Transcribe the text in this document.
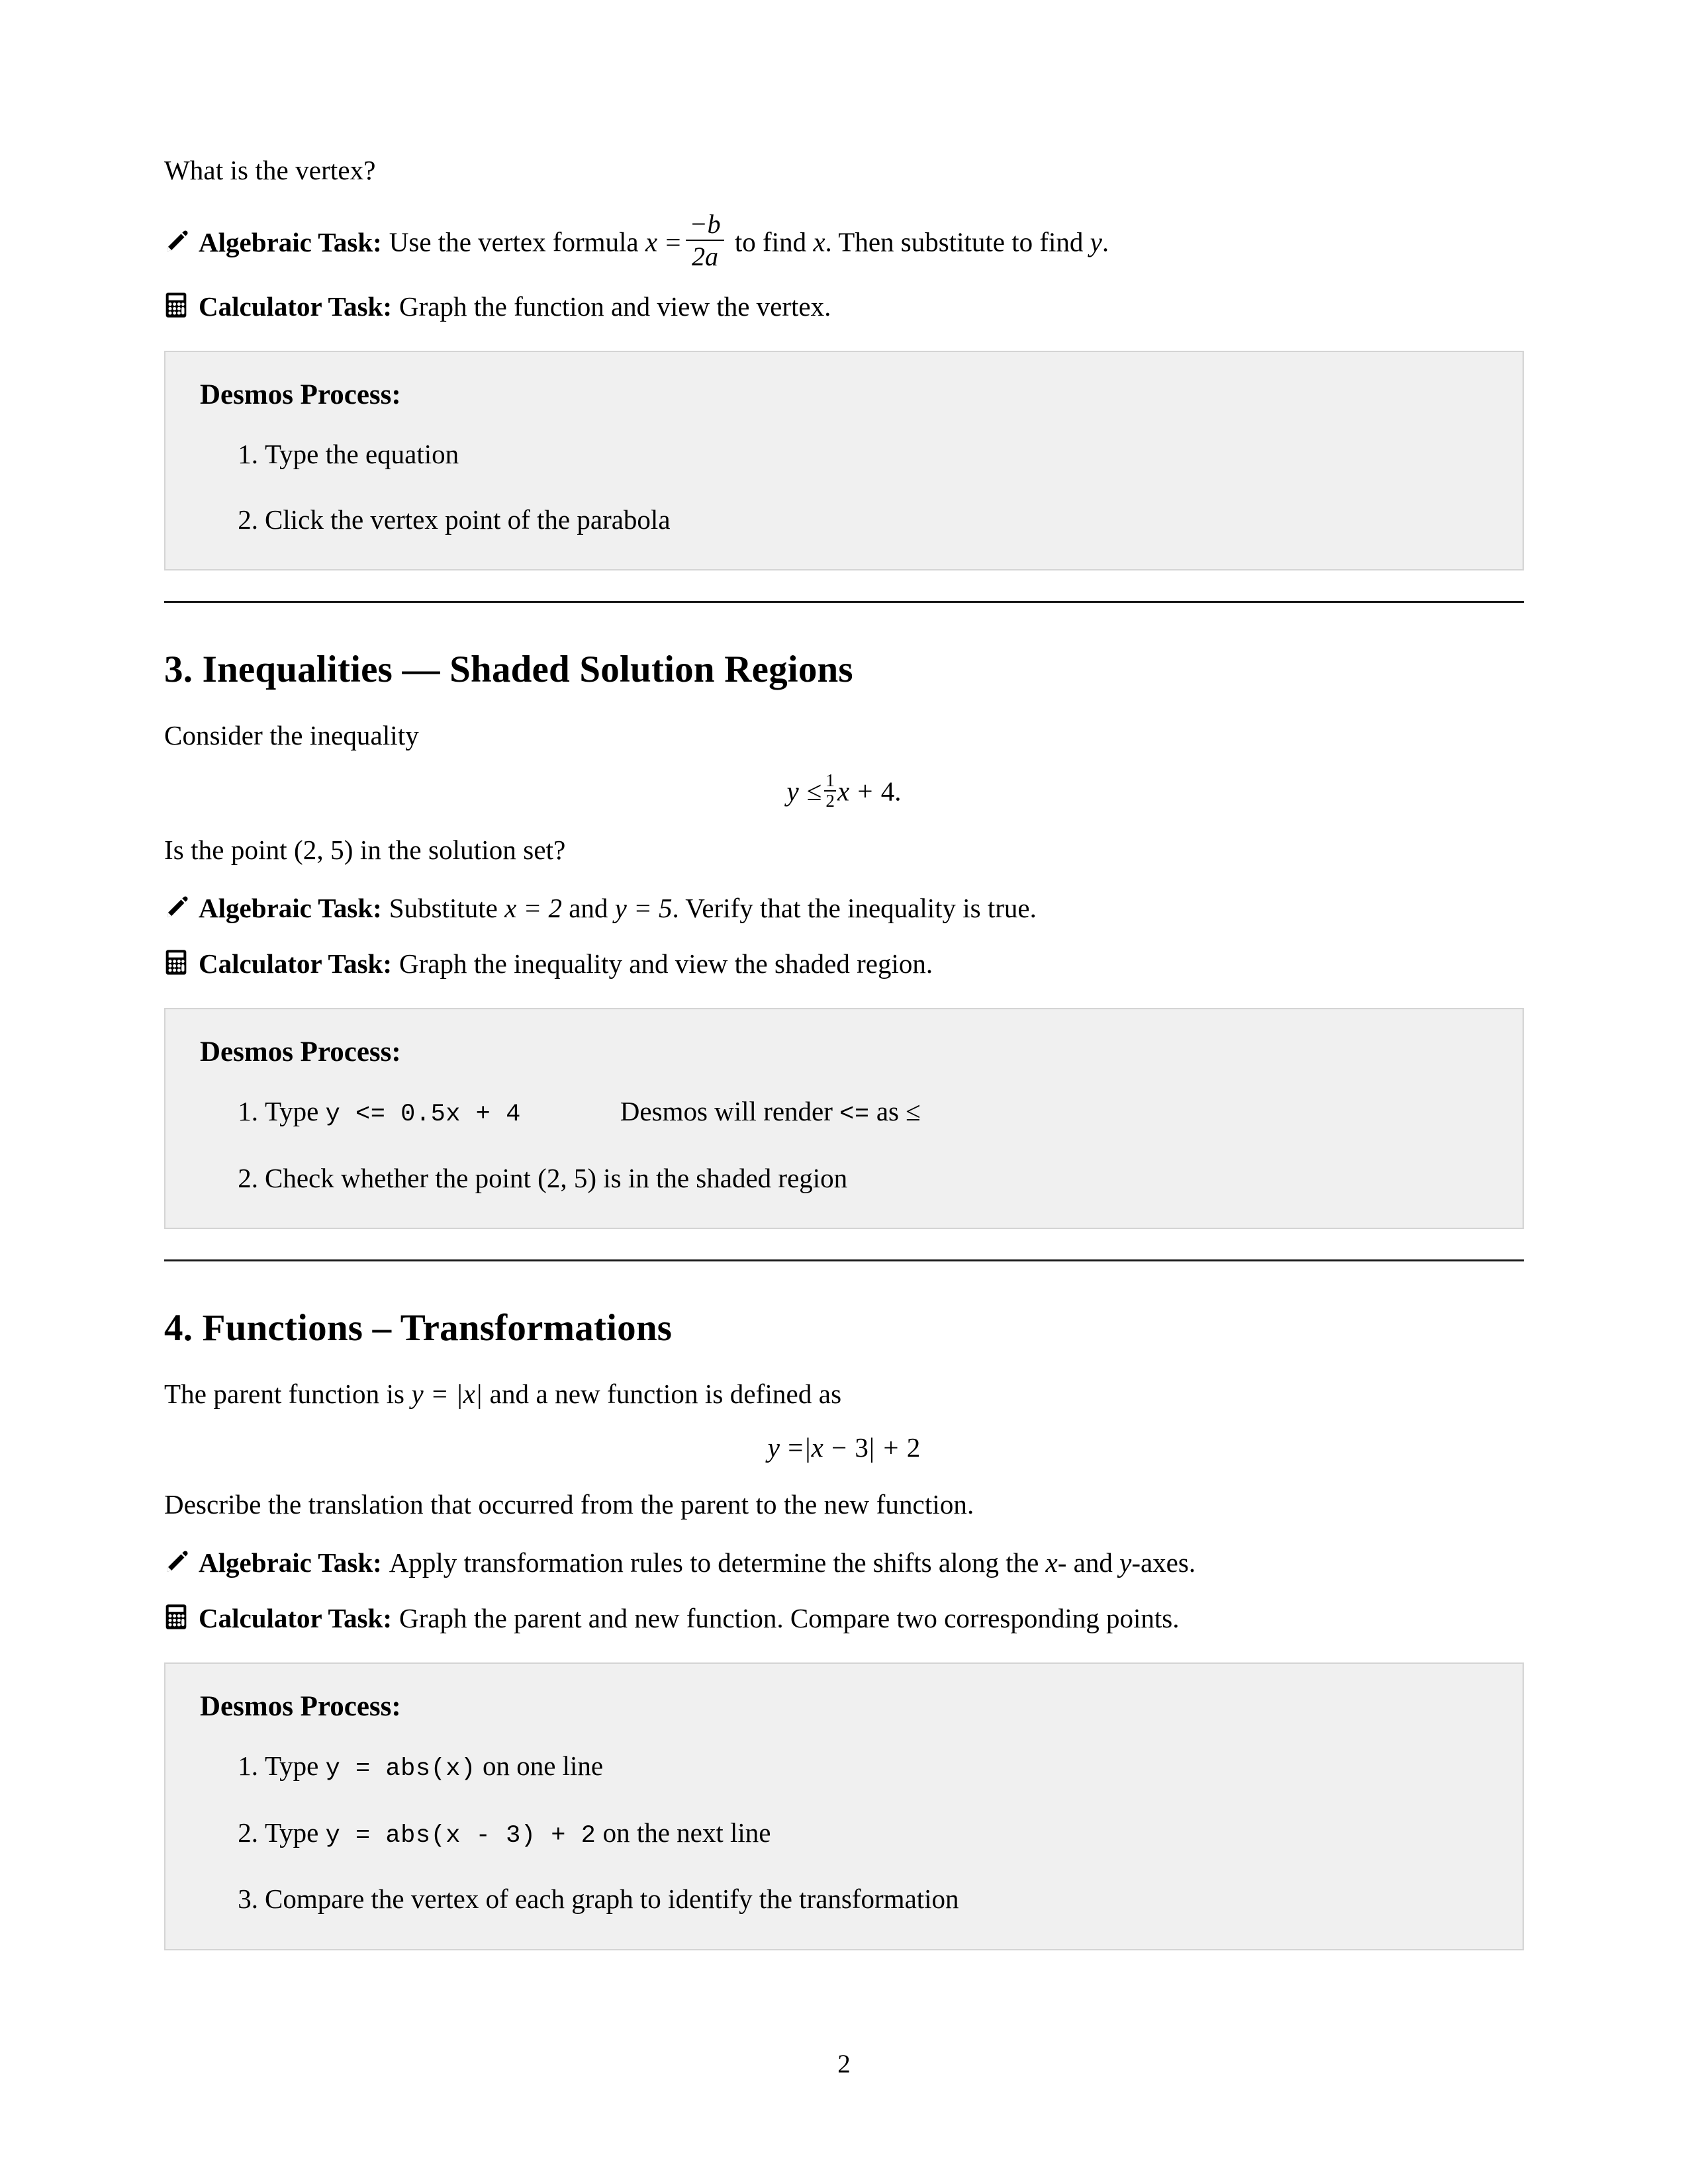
What is the vertex?

Algebraic Task: Use the vertex formula $x = \frac{-b}{2a}$ to find x. Then substitute to find y.
Calculator Task: Graph the function and view the vertex.
Desmos Process:
Type the equation
Click the vertex point of the parabola
3. Inequalities — Shaded Solution Regions

Consider the inequality

$y \le \frac{1}{2}$ x + 4.

Is the point (2, 5) in the solution set?

Algebraic Task: Substitute x = 2 and y = 5. Verify that the inequality is true.
Calculator Task: Graph the inequality and view the shaded region.
Desmos Process:
Type y <= 0.5x + 4	Desmos will render <= as ≤
Check whether the point (2, 5) is in the shaded region
4. Functions – Transformations

The parent function is y = |x| and a new function is defined as

y =|x − 3| + 2

Describe the translation that occurred from the parent to the new function.

Algebraic Task: Apply transformation rules to determine the shifts along the x- and y-axes.
Calculator Task: Graph the parent and new function. Compare two corresponding points.
Desmos Process:
Type y = abs(x) on one line
Type y = abs(x - 3) + 2 on the next line
Compare the vertex of each graph to identify the transformation
2
